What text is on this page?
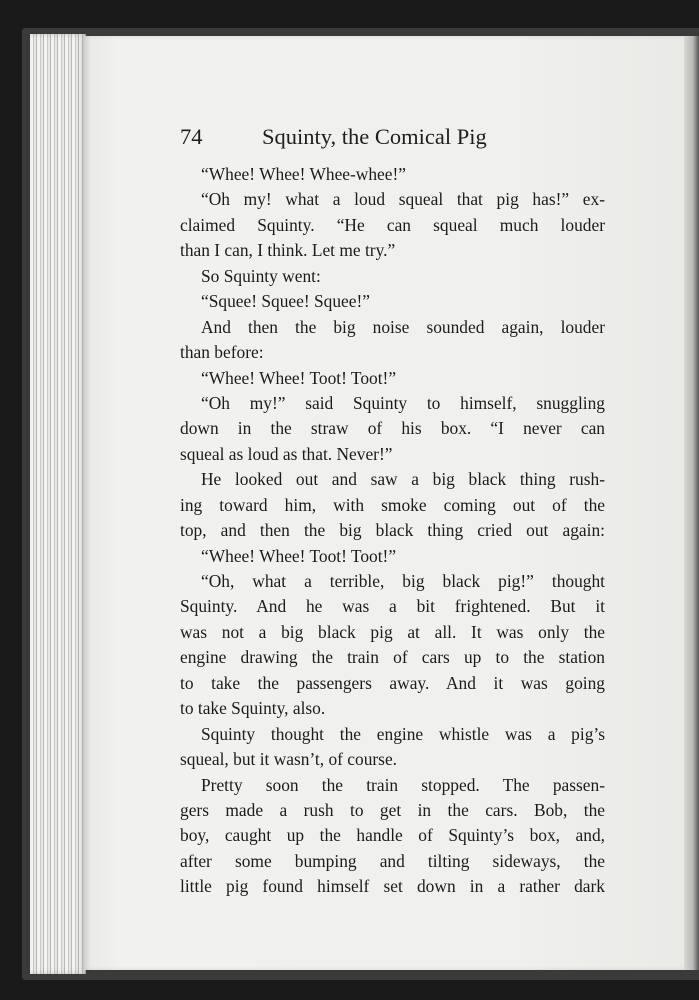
74	Squinty, the Comical Pig
“Whee! Whee! Whee-whee!”
“Oh my! what a loud squeal that pig has!” ex-
claimed Squinty. “He can squeal much louder
than I can, I think. Let me try.”
So Squinty went:
“Squee! Squee! Squee!”
And then the big noise sounded again, louder
than before:
“Whee! Whee! Toot! Toot!”
“Oh my!” said Squinty to himself, snuggling
down in the straw of his box. “I never can
squeal as loud as that. Never!”
He looked out and saw a big black thing rush-
ing toward him, with smoke coming out of the
top, and then the big black thing cried out again:
“Whee! Whee! Toot! Toot!”
“Oh, what a terrible, big black pig!” thought
Squinty. And he was a bit frightened. But it
was not a big black pig at all. It was only the
engine drawing the train of cars up to the station
to take the passengers away. And it was going
to take Squinty, also.
Squinty thought the engine whistle was a pig’s
squeal, but it wasn’t, of course.
Pretty soon the train stopped. The passen-
gers made a rush to get in the cars. Bob, the
boy, caught up the handle of Squinty’s box, and,
after some bumping and tilting sideways, the
little pig found himself set down in a rather dark
